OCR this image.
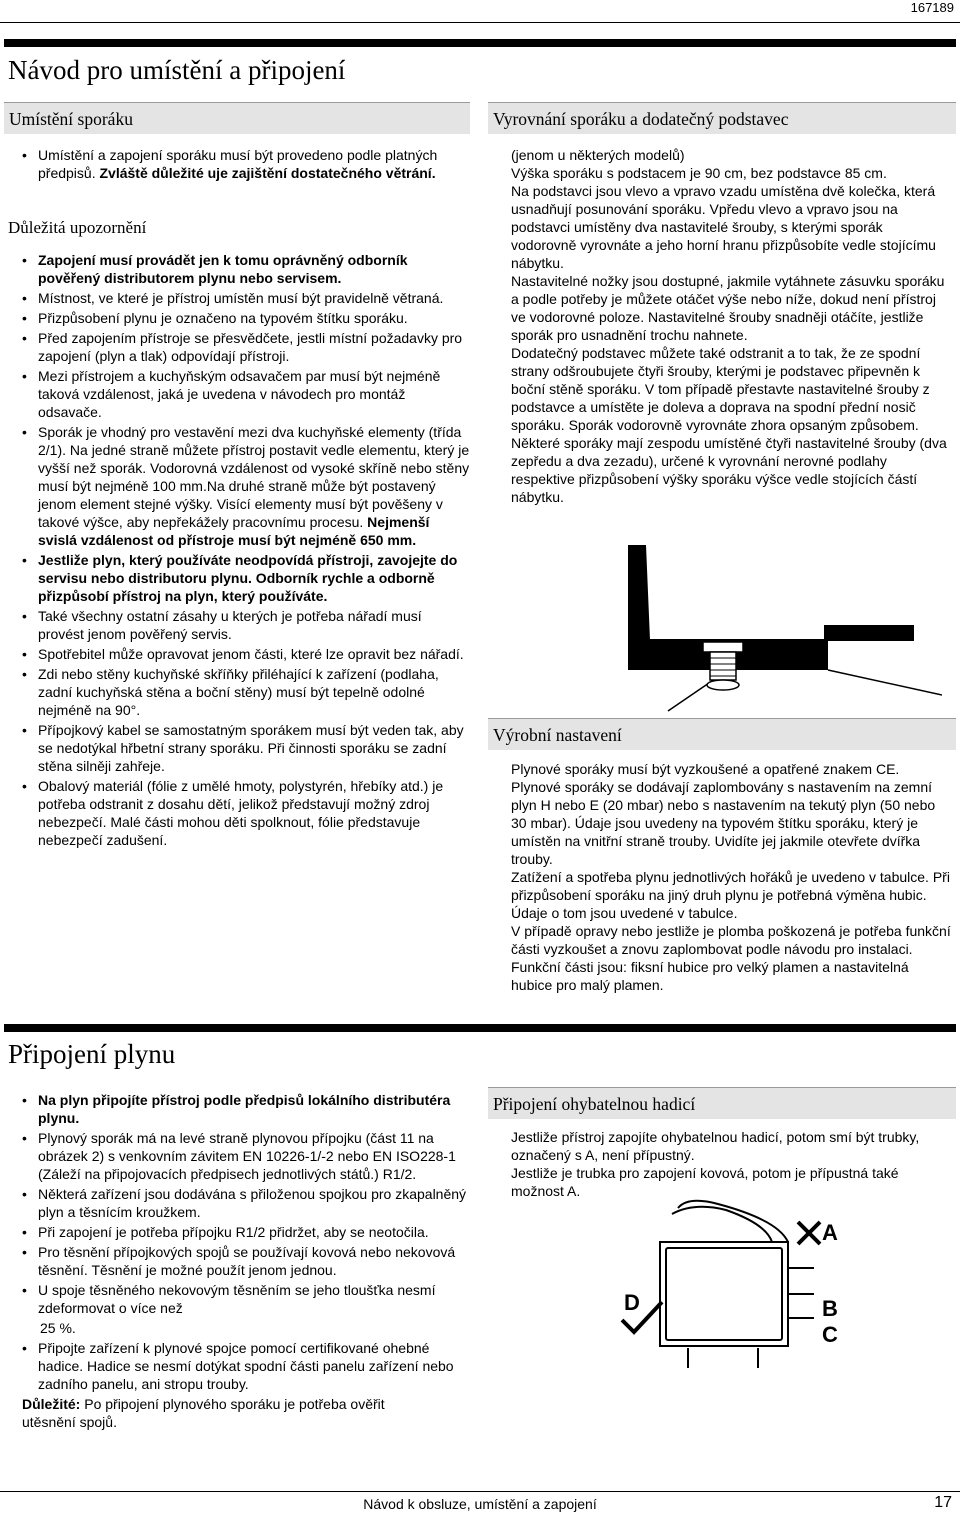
167189
Návod pro umístění a připojení
Umístění sporáku
• Umístění a zapojení sporáku musí být provedeno podle platných předpisů. Zvláště důležité uje zajištění dostatečného větrání.
Důležitá upozornění
• Zapojení musí provádět jen k tomu oprávněný odborník pověřený distributorem plynu nebo servisem.
• Místnost, ve které je přístroj umístěn musí být pravidelně větraná.
• Přizpůsobení plynu je označeno na typovém štítku sporáku.
• Před zapojením přístroje se přesvědčete, jestli místní požadavky pro zapojení (plyn a tlak) odpovídají přístroji.
• Mezi přístrojem a kuchyňským odsavačem par musí být nejméně taková vzdálenost, jaká je uvedena v návodech pro montáž odsavače.
• Sporák je vhodný pro vestavění mezi dva kuchyňské elementy (třída 2/1). Na jedné straně můžete přístroj postavit vedle elementu, který je vyšší než sporák. Vodorovná vzdálenost od vysoké skříně nebo stěny musí být nejméně 100 mm.Na druhé straně může být postavený jenom element stejné výšky. Visící elementy musí být pověšeny v takové výšce, aby nepřekážely pracovnímu procesu. Nejmenší svislá vzdálenost od přístroje musí být nejméně 650 mm.
• Jestliže plyn, který používáte neodpovídá přístroji, zavojejte do servisu nebo distributoru plynu. Odborník rychle a odborně přizpůsobí přístroj na plyn, který používáte.
• Také všechny ostatní zásahy u kterých je potřeba nářadí musí provést jenom pověřený servis.
• Spotřebitel může opravovat jenom části, které lze opravit bez nářadí.
• Zdi nebo stěny kuchyňské skříňky přiléhající k zařízení (podlaha, zadní kuchyňská stěna a boční stěny) musí být tepelně odolné nejméně na 90°.
• Přípojkový kabel se samostatným sporákem musí být veden tak, aby se nedotýkal hřbetní strany sporáku. Při činnosti sporáku se zadní stěna silněji zahřeje.
• Obalový materiál (fólie z umělé hmoty, polystyrén, hřebíky atd.) je potřeba odstranit z dosahu dětí, jelikož představují možný zdroj nebezpečí. Malé části mohou děti spolknout, fólie představuje nebezpečí zadušení.
Vyrovnání sporáku a dodatečný podstavec

(jenom u některých modelů)

Výška sporáku s podstacem je 90 cm, bez podstavce 85 cm.

Na podstavci jsou vlevo a vpravo vzadu umístěna dvě kolečka, která usnadňují posunování sporáku. Vpředu vlevo a vpravo jsou na podstavci umístěny dva nastavitelé šrouby, s kterými sporák vodorovně vyrovnáte a jeho horní hranu přizpůsobíte vedle stojícímu nábytku.

Nastavitelné nožky jsou dostupné, jakmile vytáhnete zásuvku sporáku a podle potřeby je můžete otáčet výše nebo níže, dokud není přístroj ve vodorovné poloze. Nastavitelné šrouby snadněji otáčíte, jestliže sporák pro usnadnění trochu nahnete.

Dodatečný podstavec můžete také odstranit a to tak, že ze spodní strany odšroubujete čtyři šrouby, kterými je podstavec připevněn k boční stěně sporáku. V tom případě přestavte nastavitelné šrouby z podstavce a umístěte je doleva a doprava na spodní přední nosič sporáku. Sporák vodorovně vyrovnáte zhora opsaným způsobem.

Některé sporáky mají zespodu umístěné čtyři nastavitelné šrouby (dva zepředu a dva zezadu), určené k vyrovnání nerovné podlahy respektive přizpůsobení výšky sporáku výšce vedle stojících částí nábytku.

Výrobní nastavení

Plynové sporáky musí být vyzkoušené a opatřené znakem CE. Plynové sporáky se dodávají zaplombovány s nastavením na zemní plyn H nebo E (20 mbar) nebo s nastavením na tekutý plyn (50 nebo 30 mbar). Údaje jsou uvedeny na typovém štítku sporáku, který je umístěn na vnitřní straně trouby. Uvidíte jej jakmile otevřete dvířka trouby.

Zatížení a spotřeba plynu jednotlivých hořáků je uvedeno v tabulce. Při přizpůsobení sporáku na jiný druh plynu je potřebná výměna hubic. Údaje o tom jsou uvedené v tabulce.

V případě opravy nebo jestliže je plomba poškozená je potřeba funkční části vyzkoušet a znovu zaplombovat podle návodu pro instalaci. Funkční části jsou: fiksní hubice pro velký plamen a nastavitelná hubice pro malý plamen.

Připojení plynu
• Na plyn připojíte přístroj podle předpisů lokálního distributéra plynu.
• Plynový sporák má na levé straně plynovou přípojku (část 11 na obrázek 2) s venkovním závitem EN 10226-1/-2 nebo EN ISO228-1 (Záleží na připojovacích předpisech jednotlivých států.) R1/2.
• Některá zařízení jsou dodávána s přiloženou spojkou pro zkapalněný plyn a těsnícím kroužkem.
• Při zapojení je potřeba přípojku R1/2 přidržet, aby se neotočila.
• Pro těsnění přípojkových spojů se používají kovová nebo nekovová těsnění. Těsnění je možné použít jenom jednou.
• U spoje těsněného nekovovým těsněním se jeho tloušťka nesmí zdeformovat o více než
25 %.
• Připojte zařízení k plynové spojce pomocí certifikované ohebné hadice. Hadice se nesmí dotýkat spodní části panelu zařízení nebo zadního panelu, ani stropu trouby.
Důležité: Po připojení plynového sporáku je potřeba ověřit utěsnění spojů.
Připojení ohybatelnou hadicí

Jestliže přístroj zapojíte ohybatelnou hadicí, potom smí být trubky, označený s A, není přípustný.

Jestliže je trubka pro zapojení kovová, potom je přípustná také možnost A.

A
B
C
D
Návod k obsluze, umístění a zapojení	17
